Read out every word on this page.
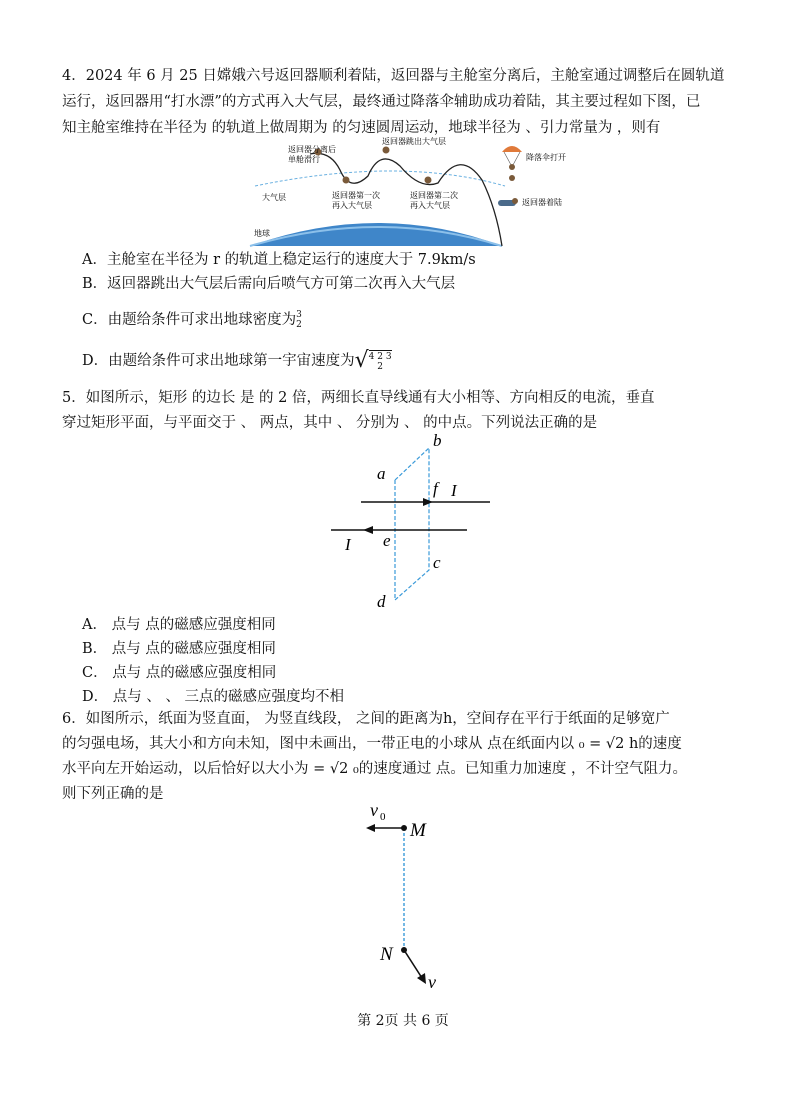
4．2024 年 6 月 25 日嫦娥六号返回器顺利着陆，返回器与主舱室分离后，主舱室通过调整后在圆轨道
运行，返回器用“打水漂”的方式再入大气层，最终通过降落伞辅助成功着陆，其主要过程如下图，已
知主舱室维持在半径为 的轨道上做周期为 的匀速圆周运动，地球半径为 、引力常量为 ，则有
返回器分离后
单舱滑行
返回器跳出大气层
降落伞打开
大气层	返回器第一次
再入大气层
返回器第二次
再入大气层	返回器着陆
地球
A．主舱室在半径为 r 的轨道上稳定运行的速度大于 7.9km/s
B．返回器跳出大气层后需向后喷气方可第二次再入大气层
C．由题给条件可求出地球密度为3
2
D．由题给条件可求出地球第一宇宙速度为√4 2 3
2
5．如图所示，矩形 的边长 是 的 2 倍，两细长直导线通有大小相等、方向相反的电流，垂直
穿过矩形平面，与平面交于 、 两点，其中 、 分别为 、 的中点。下列说法正确的是
b
a
f I
e
I
c
d
A． 点与 点的磁感应强度相同
B． 点与 点的磁感应强度相同
C． 点与 点的磁感应强度相同
D． 点与 、 、 三点的磁感应强度均不相
6．如图所示，纸面为竖直面， 为竖直线段， 之间的距离为h，空间存在平行于纸面的足够宽广
的匀强电场，其大小和方向未知，图中未画出，一带正电的小球从 点在纸面内以 ₀ = √2 h的速度
水平向左开始运动，以后恰好以大小为 = √2 ₀的速度通过 点。已知重力加速度 ，不计空气阻力。
则下列正确的是
v 0
M
N
v
第 2页 共 6 页
